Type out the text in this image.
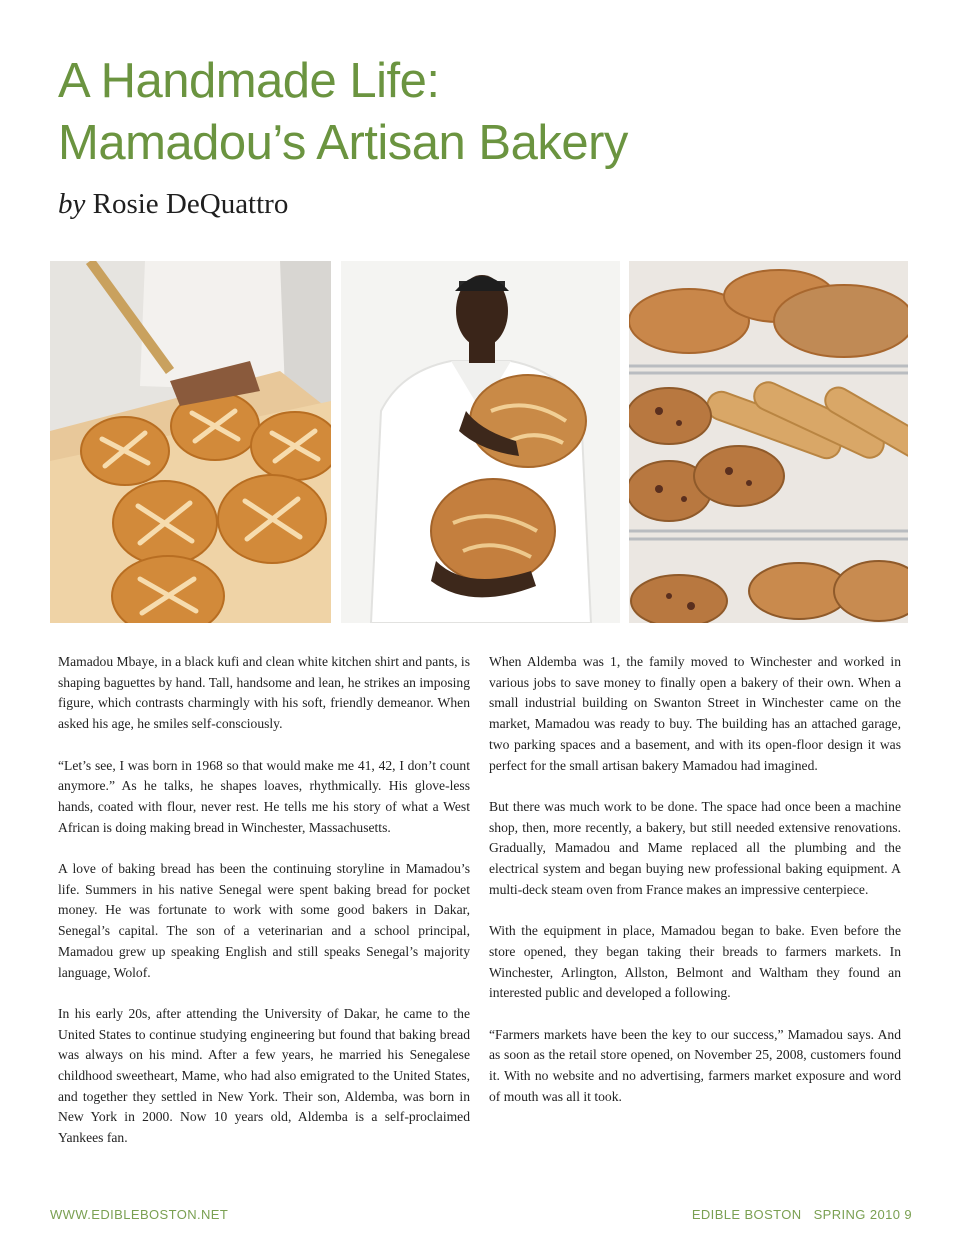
A Handmade Life:
Mamadou’s Artisan Bakery

by Rosie DeQuattro

Mamadou Mbaye, in a black kufi and clean white kitchen shirt and pants, is shaping baguettes by hand. Tall, handsome and lean, he strikes an imposing figure, which contrasts charmingly with his soft, friendly demeanor. When asked his age, he smiles self-consciously.

“Let’s see, I was born in 1968 so that would make me 41, 42, I don’t count anymore.” As he talks, he shapes loaves, rhythmically. His glove-less hands, coated with flour, never rest. He tells me his story of what a West African is doing making bread in Winchester, Massachusetts.

A love of baking bread has been the continuing storyline in Mamadou’s life. Summers in his native Senegal were spent baking bread for pocket money. He was fortunate to work with some good bakers in Dakar, Senegal’s capital. The son of a veterinarian and a school principal, Mamadou grew up speaking English and still speaks Senegal’s majority language, Wolof.

In his early 20s, after attending the University of Dakar, he came to the United States to continue studying engineering but found that baking bread was always on his mind. After a few years, he married his Senegalese childhood sweetheart, Mame, who had also emigrated to the United States, and together they settled in New York. Their son, Aldemba, was born in New York in 2000. Now 10 years old, Aldemba is a self-proclaimed Yankees fan.

When Aldemba was 1, the family moved to Winchester and worked in various jobs to save money to finally open a bakery of their own. When a small industrial building on Swanton Street in Winchester came on the market, Mamadou was ready to buy. The building has an attached garage, two parking spaces and a basement, and with its open-floor design it was perfect for the small artisan bakery Mamadou had imagined.

But there was much work to be done. The space had once been a machine shop, then, more recently, a bakery, but still needed extensive renovations. Gradually, Mamadou and Mame replaced all the plumbing and the electrical system and began buying new professional baking equipment. A multi-deck steam oven from France makes an impressive centerpiece.

With the equipment in place, Mamadou began to bake. Even before the store opened, they began taking their breads to farmers markets. In Winchester, Arlington, Allston, Belmont and Waltham they found an interested public and developed a following.

“Farmers markets have been the key to our success,” Mamadou says. And as soon as the retail store opened, on November 25, 2008, customers found it. With no website and no advertising, farmers market exposure and word of mouth was all it took.

WWW.EDIBLEBOSTON.NET	EDIBLE BOSTON   SPRING 2010 9
